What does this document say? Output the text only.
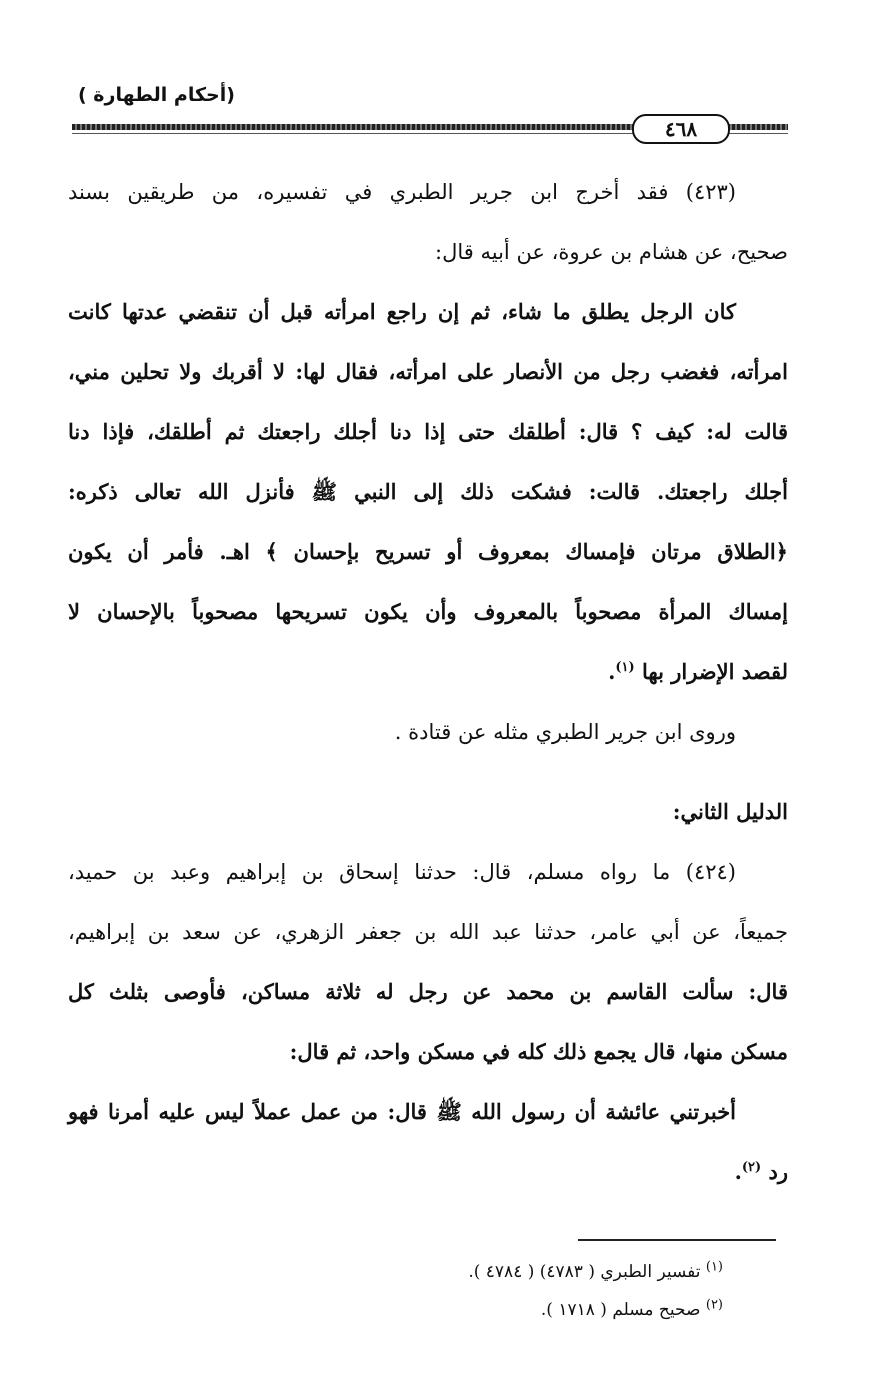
(أحكام الطهارة )
٤٦٨
(٤٢٣) فقد أخرج ابن جرير الطبري في تفسيره، من طريقين بسند
صحيح، عن هشام بن عروة، عن أبيه قال:
كان الرجل يطلق ما شاء، ثم إن راجع امرأته قبل أن تنقضي عدتها كانت
امرأته، فغضب رجل من الأنصار على امرأته، فقال لها: لا أقربك ولا تحلين مني،
قالت له: كيف ؟ قال: أطلقك حتى إذا دنا أجلك راجعتك ثم أطلقك، فإذا دنا
أجلك راجعتك. قالت: فشكت ذلك إلى النبي ﷺ فأنزل الله تعالى ذكره:
﴿الطلاق مرتان فإمساك بمعروف أو تسريح بإحسان ﴾ اهـ. فأمر أن يكون
إمساك المرأة مصحوباً بالمعروف وأن يكون تسريحها مصحوباً بالإحسان لا
لقصد الإضرار بها $^{(١)}$.
وروى ابن جرير الطبري مثله عن قتادة .
الدليل الثاني:
(٤٢٤) ما رواه مسلم، قال: حدثنا إسحاق بن إبراهيم وعبد بن حميد،
جميعاً، عن أبي عامر، حدثنا عبد الله بن جعفر الزهري، عن سعد بن إبراهيم،
قال: سألت القاسم بن محمد عن رجل له ثلاثة مساكن، فأوصى بثلث كل
مسكن منها، قال يجمع ذلك كله في مسكن واحد، ثم قال:
أخبرتني عائشة أن رسول الله ﷺ قال: من عمل عملاً ليس عليه أمرنا فهو
رد $^{(٢)}$.
$^{(١)}$ تفسير الطبري ( ٤٧٨٣) ( ٤٧٨٤ ).
$^{(٢)}$ صحيح مسلم ( ١٧١٨ ).
